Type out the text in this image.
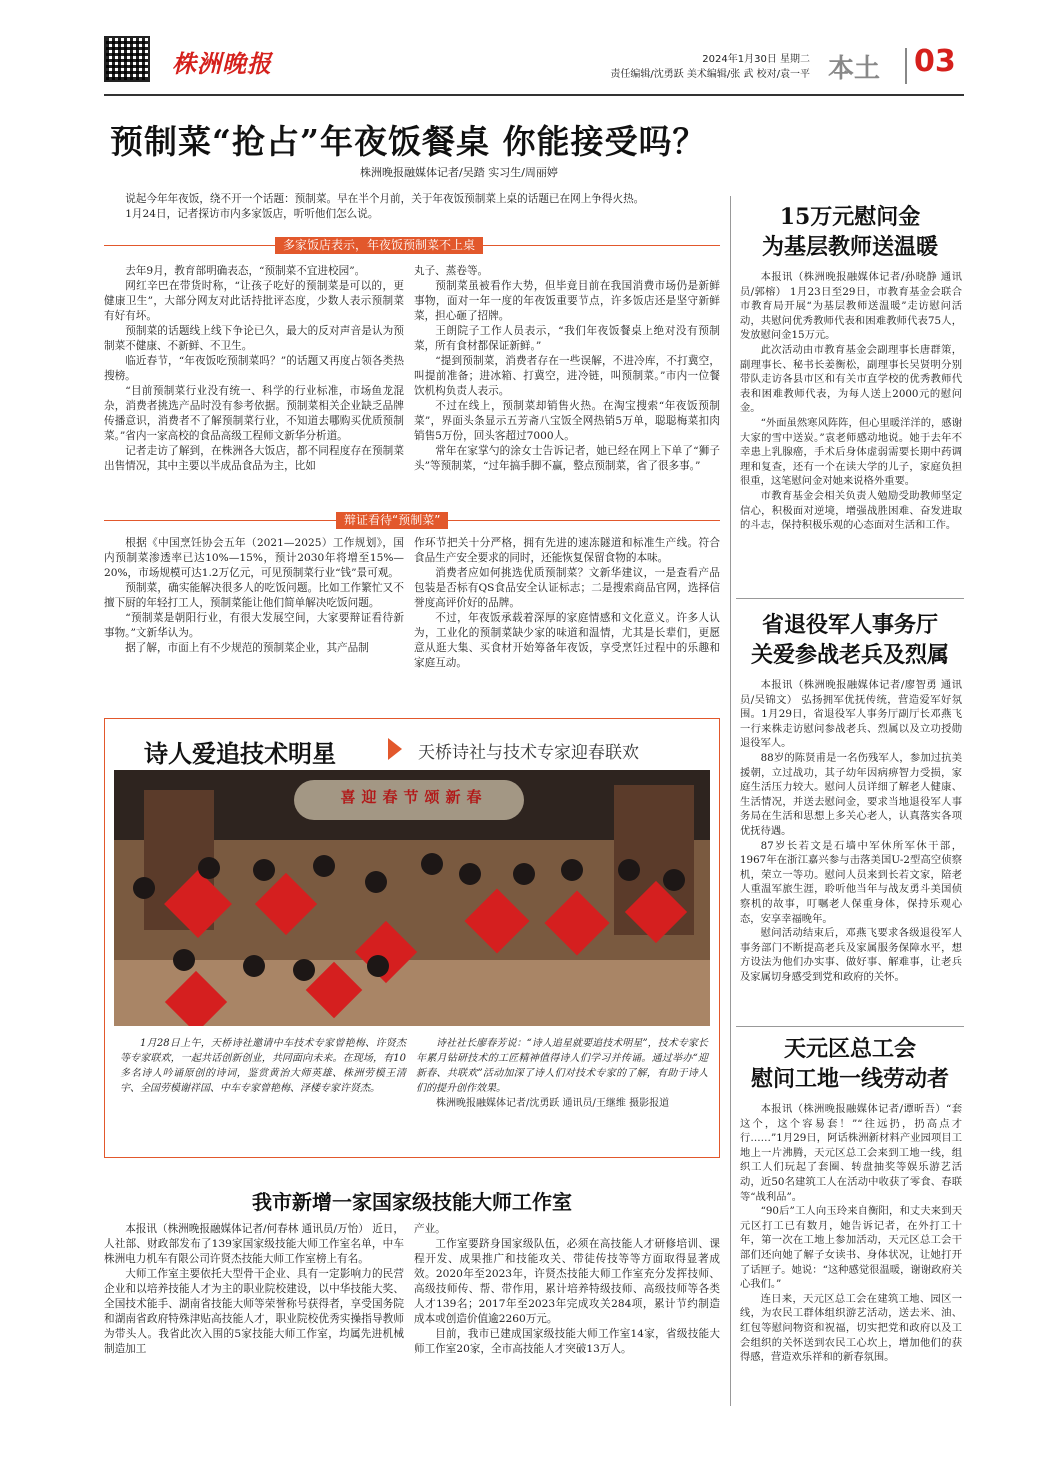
株洲晚报	2024年1月30日 星期二
责任编辑/沈勇跃 美术编辑/张 武 校对/袁一平 本土 03
预制菜“抢占”年夜饭餐桌 你能接受吗？
株洲晚报融媒体记者/吴踏 实习生/周丽婷

说起今年年夜饭，绕不开一个话题：预制菜。早在半个月前，关于年夜饭预制菜上桌的话题已在网上争得火热。

1月24日，记者探访市内多家饭店，听听他们怎么说。

多家饭店表示，年夜饭预制菜不上桌

去年9月，教育部明确表态，“预制菜不宜进校园”。

网红辛巴在带货时称，“让孩子吃好的预制菜是可以的，更健康卫生”，大部分网友对此话持批评态度，少数人表示预制菜有好有坏。

预制菜的话题线上线下争论已久，最大的反对声音是认为预制菜不健康、不新鲜、不卫生。

临近春节，“年夜饭吃预制菜吗？”的话题又再度占领各类热搜榜。

“目前预制菜行业没有统一、科学的行业标准，市场鱼龙混杂，消费者挑选产品时没有参考依据。预制菜相关企业缺乏品牌传播意识，消费者不了解预制菜行业，不知道去哪购买优质预制菜。”省内一家高校的食品高级工程师文新华分析道。

记者走访了解到，在株洲各大饭店，都不同程度存在预制菜出售情况，其中主要以半成品食品为主，比如

丸子、蒸卷等。

预制菜虽被看作大势，但毕竟目前在我国消费市场仍是新鲜事物，面对一年一度的年夜饭重要节点，许多饭店还是坚守新鲜菜，担心砸了招牌。

王朗院子工作人员表示，“我们年夜饭餐桌上绝对没有预制菜，所有食材都保证新鲜。”

“提到预制菜，消费者存在一些误解，不进冷库，不打冀空，叫提前准备；进冰箱、打冀空，进冷链，叫预制菜。”市内一位餐饮机构负责人表示。

不过在线上，预制菜却销售火热。在淘宝搜索“年夜饭预制菜”，界面头条显示五芳斋八宝饭全网热销5万单，聪聪梅菜扣肉销售5万份，回头客超过7000人。

常年在家掌勺的涂女士告诉记者，她已经在网上下单了“狮子头”等预制菜，“过年搞手脚不赢，整点预制菜，省了很多事。”

辩证看待“预制菜”

根据《中国烹饪协会五年（2021—2025）工作规划》，国内预制菜渗透率已达10%—15%，预计2030年将增至15%—20%，市场规模可达1.2万亿元，可见预制菜行业“钱”景可观。

预制菜，确实能解决很多人的吃饭问题。比如工作繁忙又不擅下厨的年轻打工人，预制菜能让他们简单解决吃饭问题。

“预制菜是朝阳行业，有很大发展空间，大家要辩证看待新事物。”文新华认为。

据了解，市面上有不少规范的预制菜企业，其产品制

作环节把关十分严格，拥有先进的速冻隧道和标准生产线。符合食品生产安全要求的同时，还能恢复保留食物的本味。

消费者应如何挑选优质预制菜？文新华建议，一是查看产品包装是否标有QS食品安全认证标志；二是搜索商品官网，选择信誉度高评价好的品牌。

不过，年夜饭承载着深厚的家庭情感和文化意义。许多人认为，工业化的预制菜缺少家的味道和温情，尤其是长辈们，更愿意从逛大集、买食材开始筹备年夜饭，享受烹饪过程中的乐趣和家庭互动。

诗人爱追技术明星	天桥诗社与技术专家迎春联欢
喜迎春节颂新春

1月28日上午，天桥诗社邀请中车技术专家曾艳梅、许贤杰等专家联欢，一起共话创新创业，共同面向未来。在现场，有10多名诗人吟诵原创的诗词，鉴赏黄治大师英雄、株洲劳模王清宇、全国劳模谢祥国、中车专家曾艳梅、泽楼专家许贤杰。

诗社社长廖春芳说：“诗人追星就要追技术明星”，技术专家长年累月钻研技术的工匠精神值得诗人们学习并传诵。通过举办“迎新春、共联欢”活动加深了诗人们对技术专家的了解，有助于诗人们的提升创作效果。

株洲晚报融媒体记者/沈勇跃 通讯员/王继维 摄影报道

我市新增一家国家级技能大师工作室

本报讯（株洲晚报融媒体记者/何春林 通讯员/万怡） 近日，人社部、财政部发布了139家国家级技能大师工作室名单，中车株洲电力机车有限公司许贤杰技能大师工作室榜上有名。

大师工作室主要依托大型骨干企业、具有一定影响力的民营企业和以培养技能人才为主的职业院校建设，以中华技能大奖、全国技术能手、湖南省技能大师等荣誉称号获得者，享受国务院和湖南省政府特殊津贴高技能人才，职业院校优秀实操指导教师为带头人。我省此次入围的5家技能大师工作室，均属先进机械制造加工

产业。

工作室要跻身国家级队伍，必须在高技能人才研修培训、课程开发、成果推广和技能攻关、带徒传技等等方面取得显著成效。2020年至2023年，许贤杰技能大师工作室充分发挥技师、高级技师传、帮、带作用，累计培养特级技师、高级技师等各类人才139名；2017年至2023年完成攻关284项，累计节约制造成本或创造价值逾2260万元。

目前，我市已建成国家级技能大师工作室14家，省级技能大师工作室20家，全市高技能人才突破13万人。

15万元慰问金
为基层教师送温暖

本报讯（株洲晚报融媒体记者/孙晓静 通讯员/郭榕） 1月23日至29日，市教育基金会联合市教育局开展“为基层教师送温暖”走访慰问活动，共慰问优秀教师代表和困难教师代表75人，发放慰问金15万元。

此次活动由市教育基金会副理事长唐群策，副理事长、秘书长姜衡松，副理事长吴贤明分别带队走访各县市区和有关市直学校的优秀教师代表和困难教师代表，为每人送上2000元的慰问金。

“外面虽然寒风阵阵，但心里暖洋洋的，感谢大家的雪中送炭。”袁老师感动地说。她于去年不幸患上乳腺癌，手术后身体虚弱需要长期中药调理和复查，还有一个在读大学的儿子，家庭负担很重，这笔慰问金对她来说格外重要。

市教育基金会相关负责人勉励受助教师坚定信心，积极面对逆境，增强战胜困难、奋发进取的斗志，保持积极乐观的心态面对生活和工作。

省退役军人事务厅
关爱参战老兵及烈属

本报讯（株洲晚报融媒体记者/廖智勇 通讯员/吴锦文） 弘扬拥军优抚传统，营造爱军好氛围。1月29日，省退役军人事务厅副厅长邓燕飞一行来株走访慰问参战老兵、烈属以及立功授勋退役军人。

88岁的陈贤甫是一名伤残军人，参加过抗美援朝，立过战功，其子幼年因病痹智力受损，家庭生活压力较大。慰问人员详细了解老人健康、生活情况，并送去慰问金，要求当地退役军人事务局在生活和思想上多关心老人，认真落实各项优抚待遇。

87岁长若文是石墙中军休所军休干部，1967年在浙江嘉兴参与击落美国U-2型高空侦察机，荣立一等功。慰问人员来到长若文家，陪老人重温军旅生涯，聆听他当年与战友勇斗美国侦察机的故事，叮嘱老人保重身体，保持乐观心态，安享幸福晚年。

慰问活动结束后，邓燕飞要求各级退役军人事务部门不断提高老兵及家属服务保障水平，想方设法为他们办实事、做好事、解难事，让老兵及家属切身感受到党和政府的关怀。

天元区总工会
慰问工地一线劳动者

本报讯（株洲晚报融媒体记者/谭昕吾）“套这个，这个容易套！”“往远扔，扔高点才行……”1月29日，阿话株洲新材料产业园项目工地上一片沸腾，天元区总工会来到工地一线，组织工人们玩起了套圈、转盘抽奖等娱乐游艺活动，近50名建筑工人在活动中收获了零食、春联等“战利品”。

“90后”工人向玉玲来自衡阳，和丈夫来到天元区打工已有数月，她告诉记者，在外打工十年，第一次在工地上参加活动，天元区总工会干部们还向她了解子女读书、身体状况，让她打开了话匣子。她说：“这种感觉很温暖，谢谢政府关心我们。”

连日来，天元区总工会在建筑工地、园区一线，为农民工群体组织游艺活动，送去米、油、红包等慰问物资和祝福，切实把党和政府以及工会组织的关怀送到农民工心坎上，增加他们的获得感，营造欢乐祥和的新春氛围。
